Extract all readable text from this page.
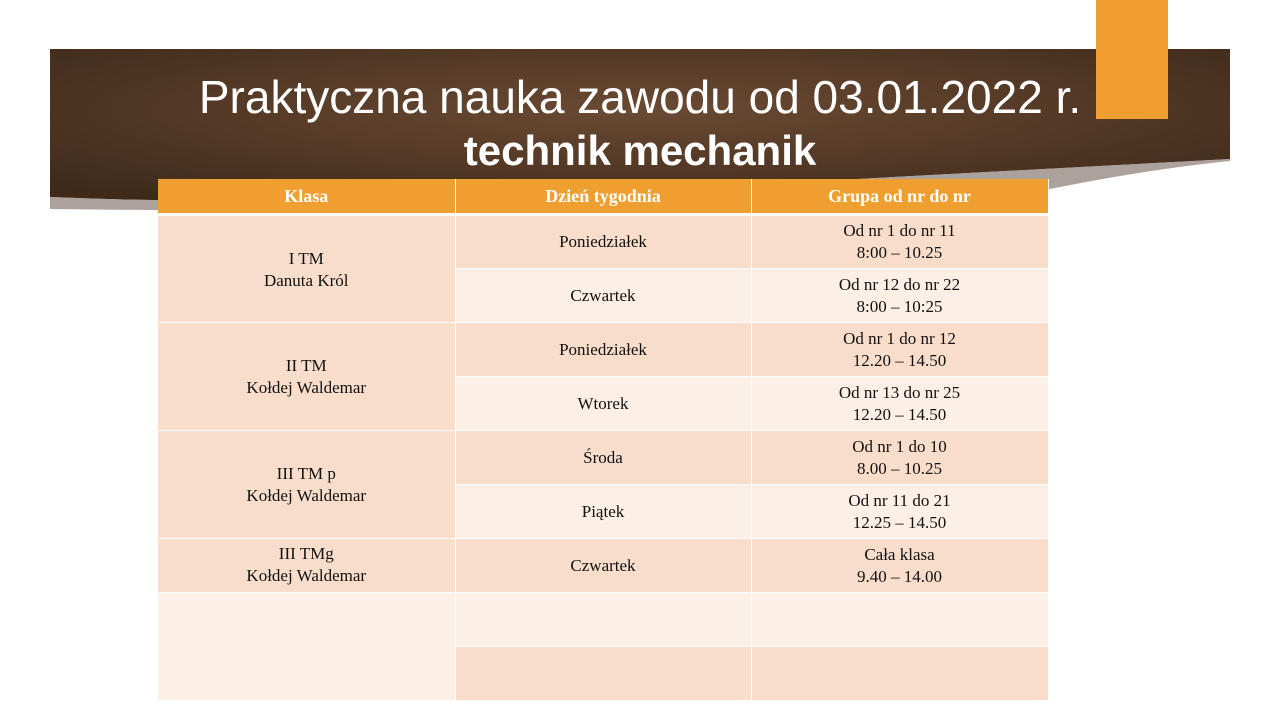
Praktyczna nauka zawodu od 03.01.2022 r.
technik mechanik
Klasa	Dzień tygodnia	Grupa od nr do nr

I TM
Danuta Król	Poniedziałek	Od nr 1 do nr 11
8:00 – 10.25

	Czwartek	Od nr 12 do nr 22
8:00 – 10:25

II TM
Kołdej Waldemar	Poniedziałek	Od nr 1 do nr 12
12.20 – 14.50

	Wtorek	Od nr 13 do nr 25
12.20 – 14.50

III TM p
Kołdej Waldemar	Środa	Od nr 1 do 10
8.00 – 10.25

	Piątek	Od nr 11 do 21
12.25 – 14.50

III TMg
Kołdej Waldemar	Czwartek	Cała klasa
9.40 – 14.00
